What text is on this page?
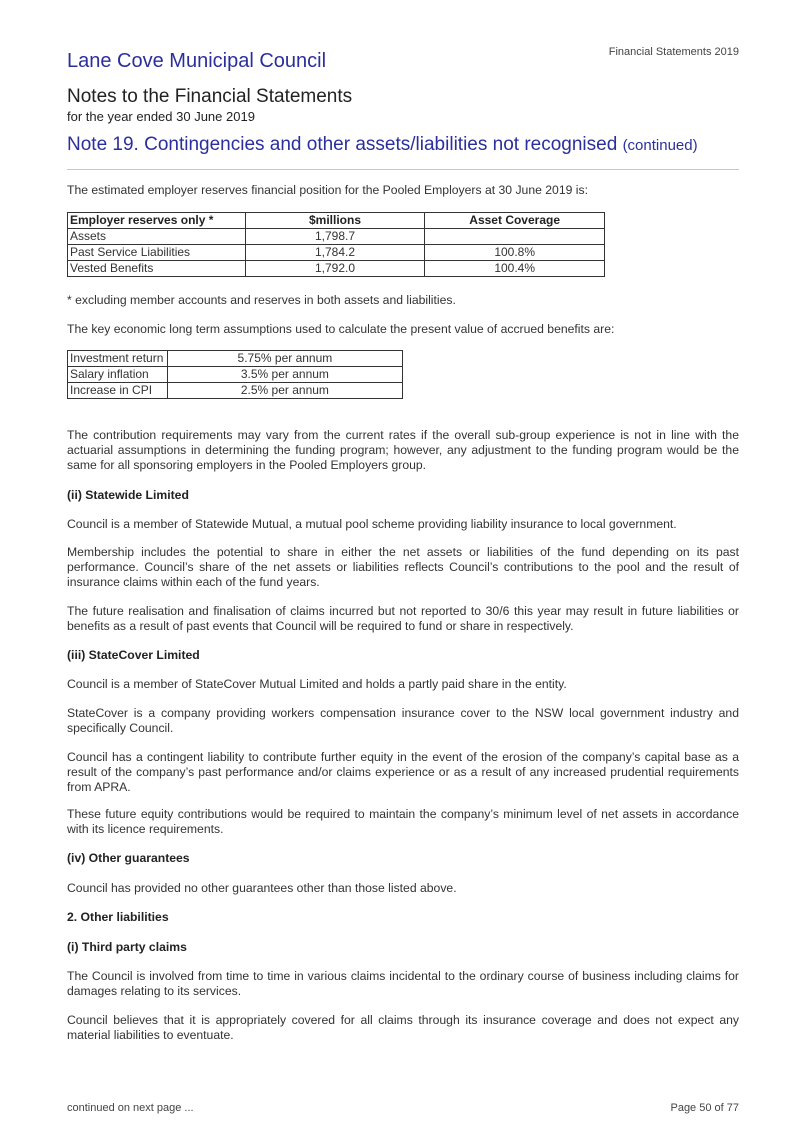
Lane Cove Municipal Council	Financial Statements 2019
Notes to the Financial Statements
for the year ended 30 June 2019
Note 19. Contingencies and other assets/liabilities not recognised (continued)
The estimated employer reserves financial position for the Pooled Employers at 30 June 2019 is:
Employer reserves only *	$millions	Asset Coverage
Assets	1,798.7	
Past Service Liabilities	1,784.2	100.8%
Vested Benefits	1,792.0	100.4%
* excluding member accounts and reserves in both assets and liabilities.
The key economic long term assumptions used to calculate the present value of accrued benefits are:
Investment return	5.75% per annum
Salary inflation	3.5% per annum
Increase in CPI	2.5% per annum
The contribution requirements may vary from the current rates if the overall sub-group experience is not in line with the actuarial assumptions in determining the funding program; however, any adjustment to the funding program would be the same for all sponsoring employers in the Pooled Employers group.
(ii) Statewide Limited
Council is a member of Statewide Mutual, a mutual pool scheme providing liability insurance to local government.
Membership includes the potential to share in either the net assets or liabilities of the fund depending on its past performance. Council’s share of the net assets or liabilities reflects Council’s contributions to the pool and the result of insurance claims within each of the fund years.
The future realisation and finalisation of claims incurred but not reported to 30/6 this year may result in future liabilities or benefits as a result of past events that Council will be required to fund or share in respectively.
(iii) StateCover Limited
Council is a member of StateCover Mutual Limited and holds a partly paid share in the entity.
StateCover is a company providing workers compensation insurance cover to the NSW local government industry and specifically Council.
Council has a contingent liability to contribute further equity in the event of the erosion of the company’s capital base as a result of the company’s past performance and/or claims experience or as a result of any increased prudential requirements from APRA.
These future equity contributions would be required to maintain the company’s minimum level of net assets in accordance with its licence requirements.
(iv) Other guarantees
Council has provided no other guarantees other than those listed above.
2. Other liabilities
(i) Third party claims
The Council is involved from time to time in various claims incidental to the ordinary course of business including claims for damages relating to its services.
Council believes that it is appropriately covered for all claims through its insurance coverage and does not expect any material liabilities to eventuate.
continued on next page ...	Page 50 of 77
